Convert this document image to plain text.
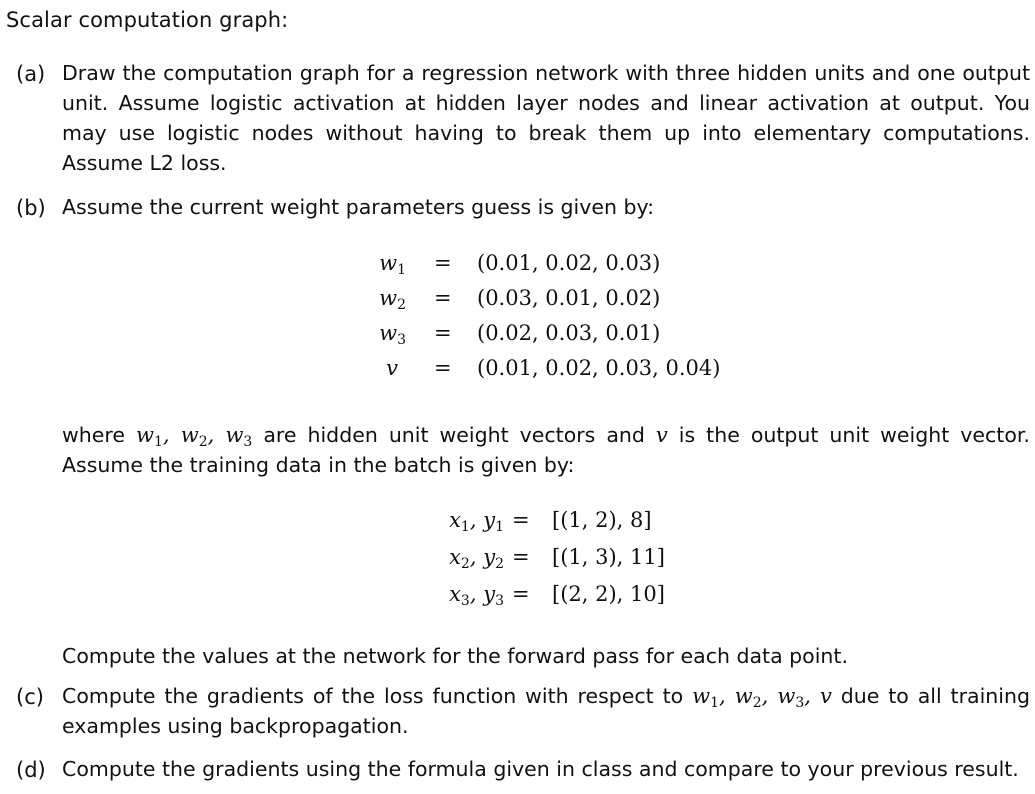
Scalar computation graph:
(a) Draw the computation graph for a regression network with three hidden units and one output unit. Assume logistic activation at hidden layer nodes and linear activation at output. You may use logistic nodes without having to break them up into elementary computations. Assume L2 loss.
(b) Assume the current weight parameters guess is given by:
$w_1 = (0.01$, 0.02, 0.03)
$w_2 = (0.03$, 0.01, 0.02)
$w_3 = (0.02$, 0.03, 0.01)
v = (0.01, 0.02, 0.03, 0.04)
where $w_1$, $w_2$, $w_3$ are hidden unit weight vectors and v is the output unit weight vector. Assume the training data in the batch is given by:
$x_1$, $y_1 = [(1$, 2), 8]
$x_2$, $y_2 = [(1$, 3), 11]
$x_3$, $y_3 = [(2$, 2), 10]
Compute the values at the network for the forward pass for each data point.
(c) Compute the gradients of the loss function with respect to $w_1$, $w_2$, $w_3$, v due to all training examples using backpropagation.
(d) Compute the gradients using the formula given in class and compare to your previous result.
